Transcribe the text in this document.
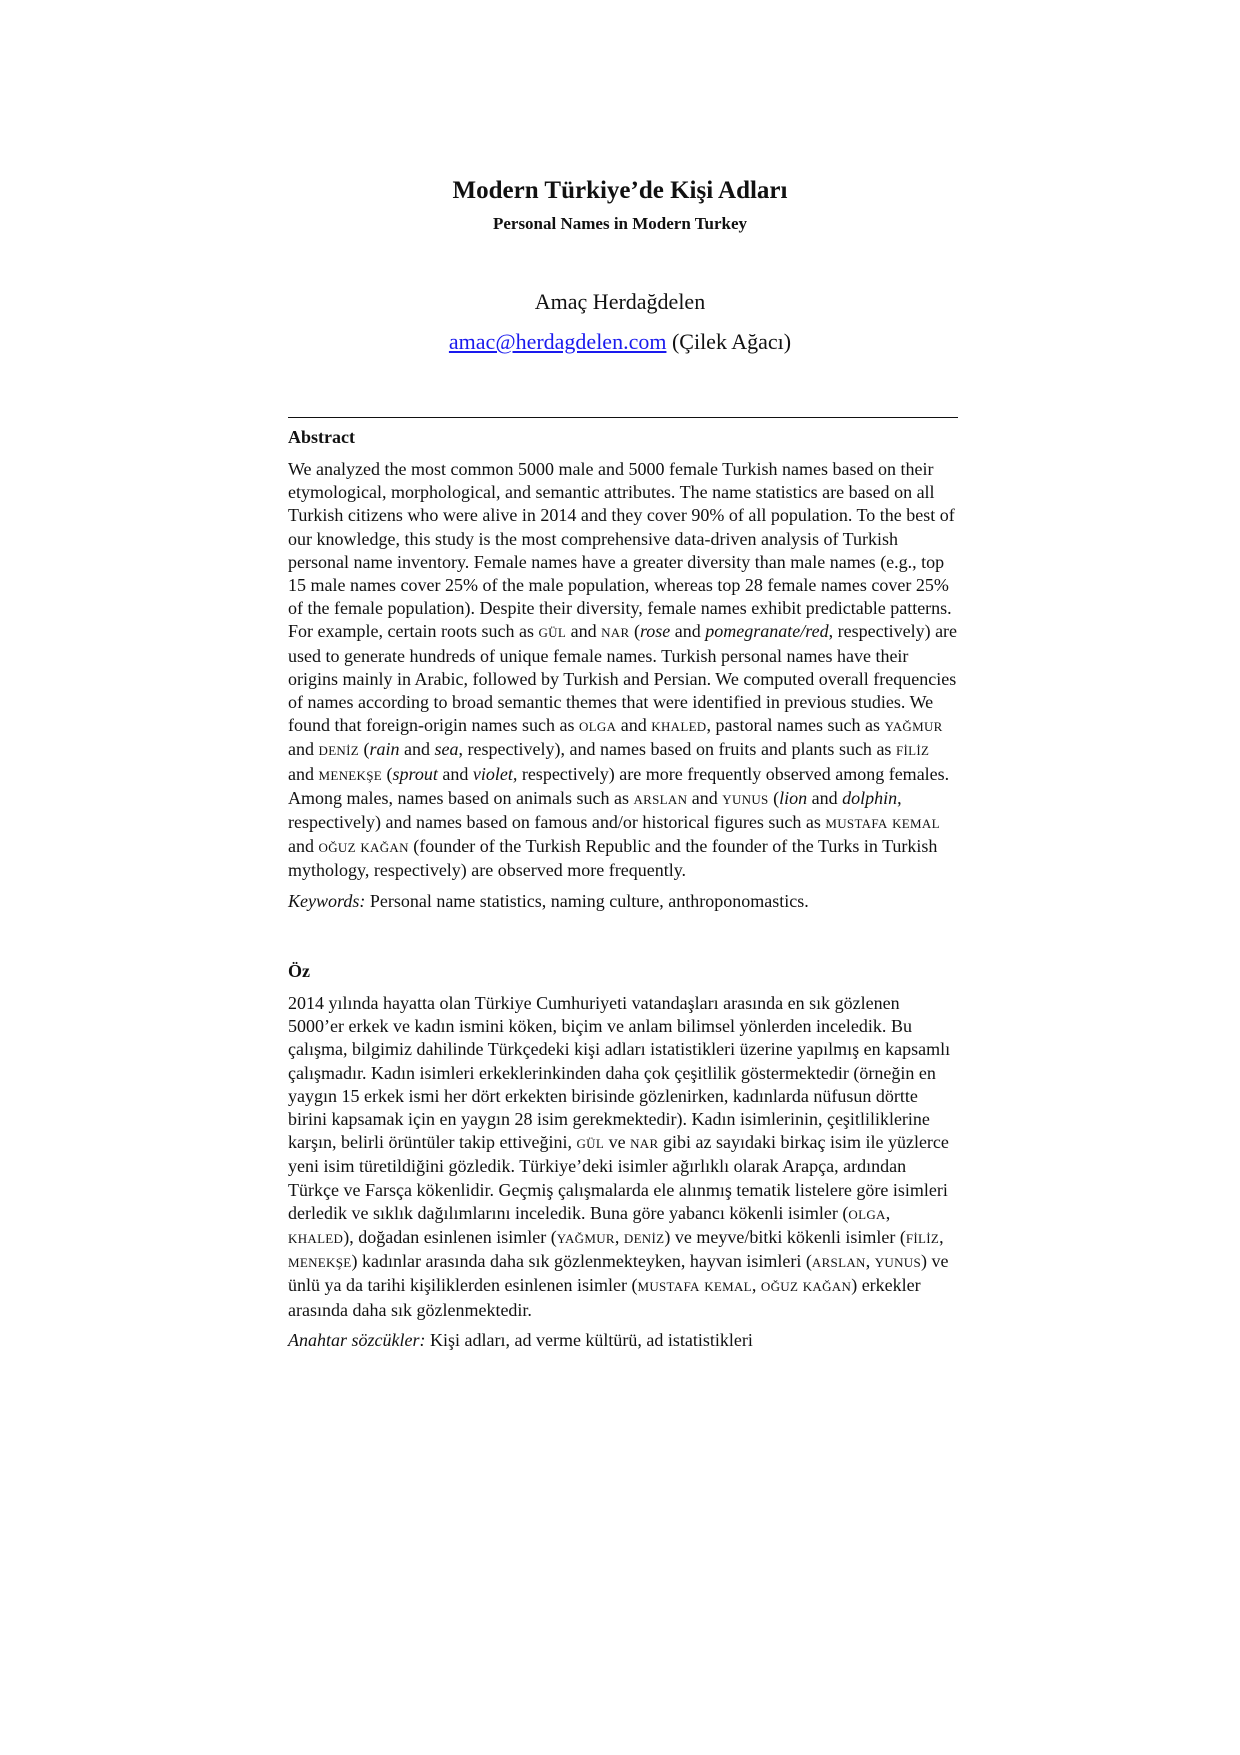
Modern Türkiye’de Kişi Adları
Personal Names in Modern Turkey
Amaç Herdağdelen
amac@herdagdelen.com (Çilek Ağacı)
Abstract
We analyzed the most common 5000 male and 5000 female Turkish names based on their etymological, morphological, and semantic attributes. The name statistics are based on all Turkish citizens who were alive in 2014 and they cover 90% of all population. To the best of our knowledge, this study is the most comprehensive data-driven analysis of Turkish personal name inventory. Female names have a greater diversity than male names (e.g., top 15 male names cover 25% of the male population, whereas top 28 female names cover 25% of the female population). Despite their diversity, female names exhibit predictable patterns. For example, certain roots such as GÜL and NAR (rose and pomegranate/red, respectively) are used to generate hundreds of unique female names. Turkish personal names have their origins mainly in Arabic, followed by Turkish and Persian. We computed overall frequencies of names according to broad semantic themes that were identified in previous studies. We found that foreign-origin names such as OLGA and KHALED, pastoral names such as YAĞMUR and DENİZ (rain and sea, respectively), and names based on fruits and plants such as FİLİZ and MENEKŞE (sprout and violet, respectively) are more frequently observed among females. Among males, names based on animals such as ARSLAN and YUNUS (lion and dolphin, respectively) and names based on famous and/or historical figures such as MUSTAFA KEMAL and OĞUZ KAĞAN (founder of the Turkish Republic and the founder of the Turks in Turkish mythology, respectively) are observed more frequently.
Keywords: Personal name statistics, naming culture, anthroponomastics.
Öz
2014 yılında hayatta olan Türkiye Cumhuriyeti vatandaşları arasında en sık gözlenen 5000’er erkek ve kadın ismini köken, biçim ve anlam bilimsel yönlerden inceledik. Bu çalışma, bilgimiz dahilinde Türkçedeki kişi adları istatistikleri üzerine yapılmış en kapsamlı çalışmadır. Kadın isimleri erkeklerinkinden daha çok çeşitlilik göstermektedir (örneğin en yaygın 15 erkek ismi her dört erkekten birisinde gözlenirken, kadınlarda nüfusun dörtte birini kapsamak için en yaygın 28 isim gerekmektedir). Kadın isimlerinin, çeşitliliklerine karşın, belirli örüntüler takip ettiveğini, GÜL ve NAR gibi az sayıdaki birkaç isim ile yüzlerce yeni isim türetildiğini gözledik. Türkiye’deki isimler ağırlıklı olarak Arapça, ardından Türkçe ve Farsça kökenlidir. Geçmiş çalışmalarda ele alınmış tematik listelere göre isimleri derledik ve sıklık dağılımlarını inceledik. Buna göre yabancı kökenli isimler (OLGA, KHALED), doğadan esinlenen isimler (YAĞMUR, DENİZ) ve meyve/bitki kökenli isimler (FİLİZ, MENEKŞE) kadınlar arasında daha sık gözlenmekteyken, hayvan isimleri (ARSLAN, YUNUS) ve ünlü ya da tarihi kişiliklerden esinlenen isimler (MUSTAFA KEMAL, OĞUZ KAĞAN) erkekler arasında daha sık gözlenmektedir.
Anahtar sözcükler: Kişi adları, ad verme kültürü, ad istatistikleri
